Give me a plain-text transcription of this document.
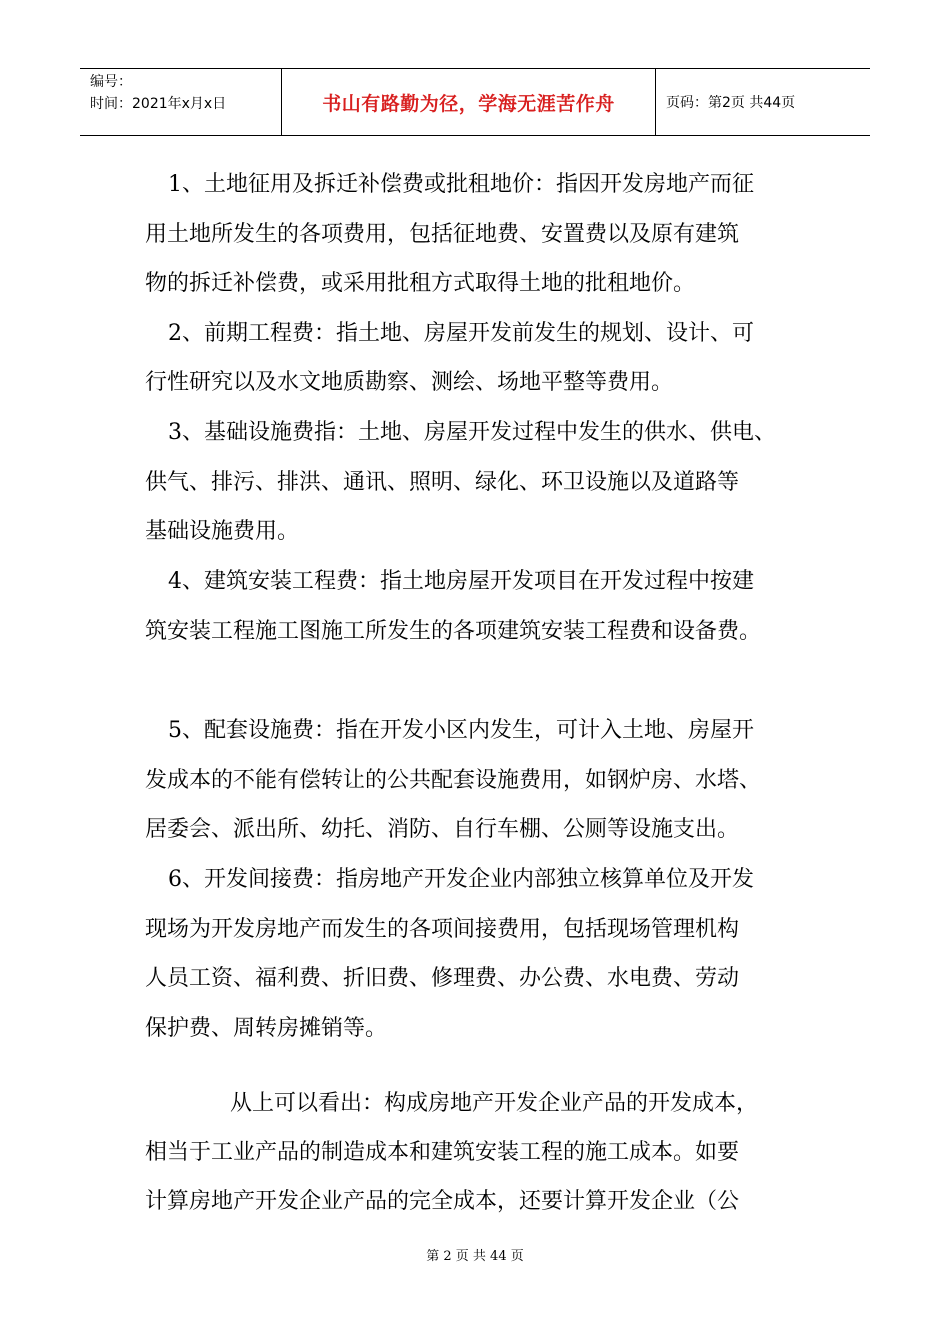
编号：
时间：2021年x月x日	书山有路勤为径，学海无涯苦作舟	页码：第2页 共44页
1、土地征用及拆迁补偿费或批租地价：指因开发房地产而征
用土地所发生的各项费用，包括征地费、安置费以及原有建筑
物的拆迁补偿费，或采用批租方式取得土地的批租地价。
2、前期工程费：指土地、房屋开发前发生的规划、设计、可
行性研究以及水文地质勘察、测绘、场地平整等费用。
3、基础设施费指：土地、房屋开发过程中发生的供水、供电、
供气、排污、排洪、通讯、照明、绿化、环卫设施以及道路等
基础设施费用。
4、建筑安装工程费：指土地房屋开发项目在开发过程中按建
筑安装工程施工图施工所发生的各项建筑安装工程费和设备费。
5、配套设施费：指在开发小区内发生，可计入土地、房屋开
发成本的不能有偿转让的公共配套设施费用，如钢炉房、水塔、
居委会、派出所、幼托、消防、自行车棚、公厕等设施支出。
6、开发间接费：指房地产开发企业内部独立核算单位及开发
现场为开发房地产而发生的各项间接费用，包括现场管理机构
人员工资、福利费、折旧费、修理费、办公费、水电费、劳动
保护费、周转房摊销等。
从上可以看出：构成房地产开发企业产品的开发成本，
相当于工业产品的制造成本和建筑安装工程的施工成本。如要
计算房地产开发企业产品的完全成本，还要计算开发企业（公
第 2 页 共 44 页
